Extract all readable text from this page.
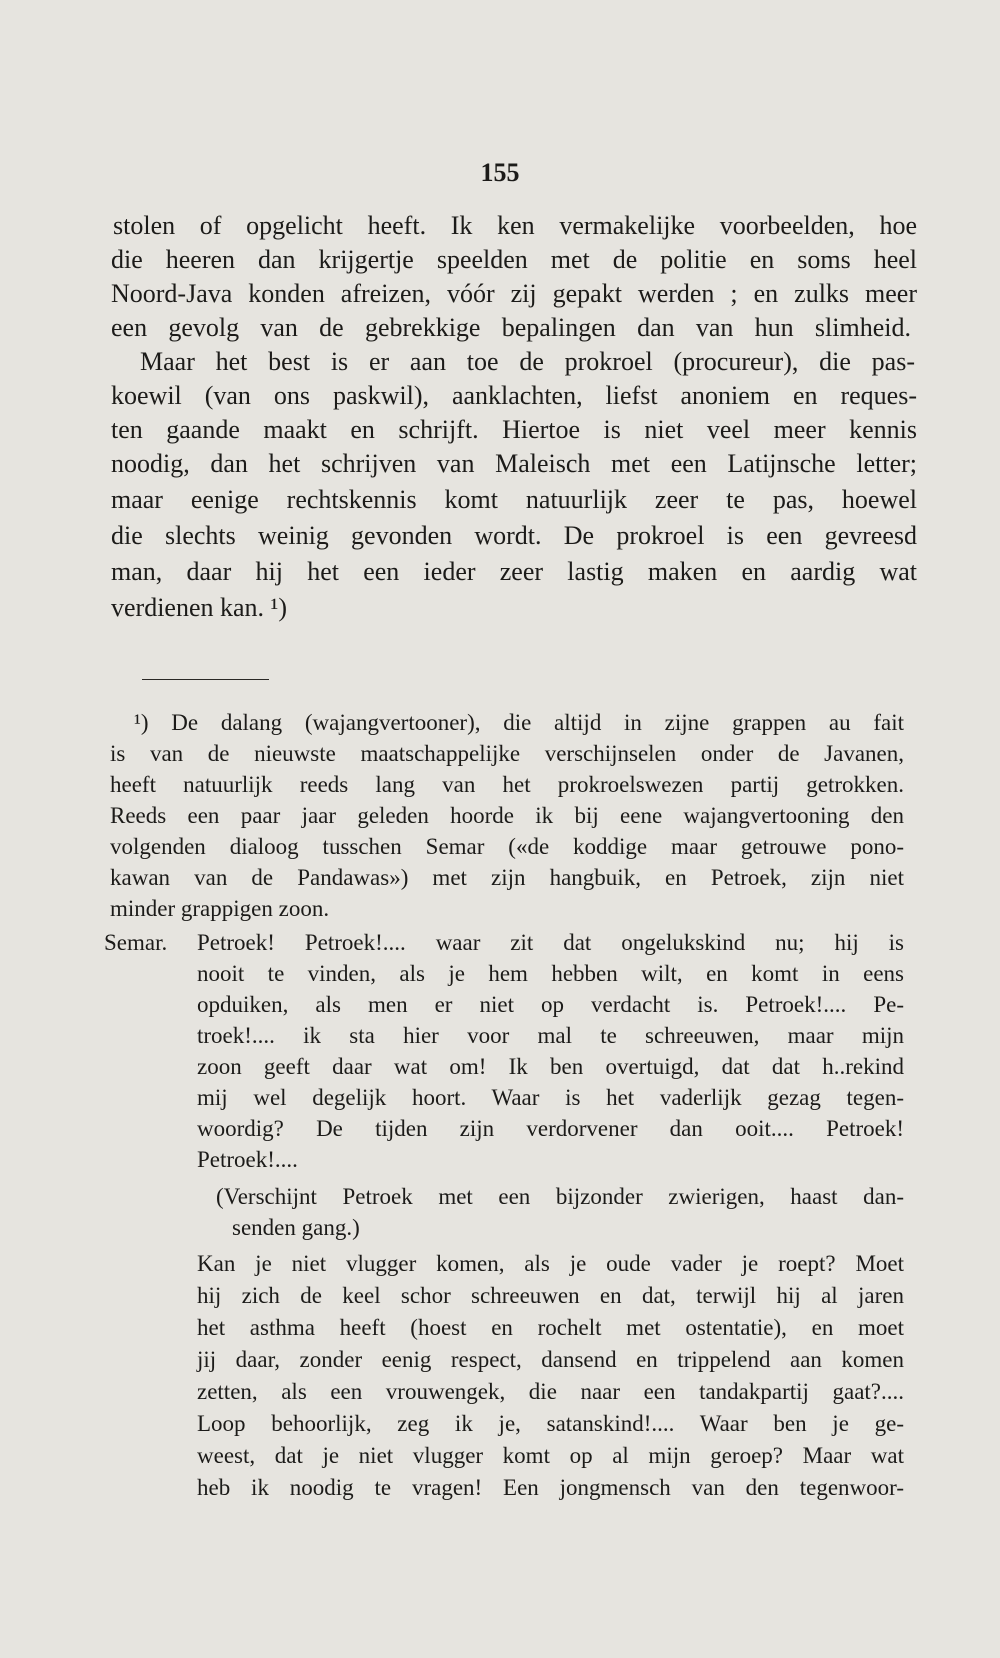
155
stolen of opgelicht heeft. Ik ken vermakelijke voorbeelden, hoe
die heeren dan krijgertje speelden met de politie en soms heel
Noord-Java konden afreizen, vóór zij gepakt werden ; en zulks meer
een gevolg van de gebrekkige bepalingen dan van hun slimheid.
Maar het best is er aan toe de prokroel (procureur), die pas-
koewil (van ons paskwil), aanklachten, liefst anoniem en reques-
ten gaande maakt en schrijft. Hiertoe is niet veel meer kennis
noodig, dan het schrijven van Maleisch met een Latijnsche letter;
maar eenige rechtskennis komt natuurlijk zeer te pas, hoewel
die slechts weinig gevonden wordt. De prokroel is een gevreesd
man, daar hij het een ieder zeer lastig maken en aardig wat
verdienen kan. ¹)
¹) De dalang (wajangvertooner), die altijd in zijne grappen au fait
is van de nieuwste maatschappelijke verschijnselen onder de Javanen,
heeft natuurlijk reeds lang van het prokroelswezen partij getrokken.
Reeds een paar jaar geleden hoorde ik bij eene wajangvertooning den
volgenden dialoog tusschen Semar («de koddige maar getrouwe pono-
kawan van de Pandawas») met zijn hangbuik, en Petroek, zijn niet
minder grappigen zoon.
Semar. Petroek! Petroek!.... waar zit dat ongelukskind nu; hij is
nooit te vinden, als je hem hebben wilt, en komt in eens
opduiken, als men er niet op verdacht is. Petroek!.... Pe-
troek!.... ik sta hier voor mal te schreeuwen, maar mijn
zoon geeft daar wat om! Ik ben overtuigd, dat dat h..rekind
mij wel degelijk hoort. Waar is het vaderlijk gezag tegen-
woordig? De tijden zijn verdorvener dan ooit.... Petroek!
Petroek!....
(Verschijnt Petroek met een bijzonder zwierigen, haast dan-
senden gang.)
Kan je niet vlugger komen, als je oude vader je roept? Moet
hij zich de keel schor schreeuwen en dat, terwijl hij al jaren
het asthma heeft (hoest en rochelt met ostentatie), en moet
jij daar, zonder eenig respect, dansend en trippelend aan komen
zetten, als een vrouwengek, die naar een tandakpartij gaat?....
Loop behoorlijk, zeg ik je, satanskind!.... Waar ben je ge-
weest, dat je niet vlugger komt op al mijn geroep? Maar wat
heb ik noodig te vragen! Een jongmensch van den tegenwoor-
